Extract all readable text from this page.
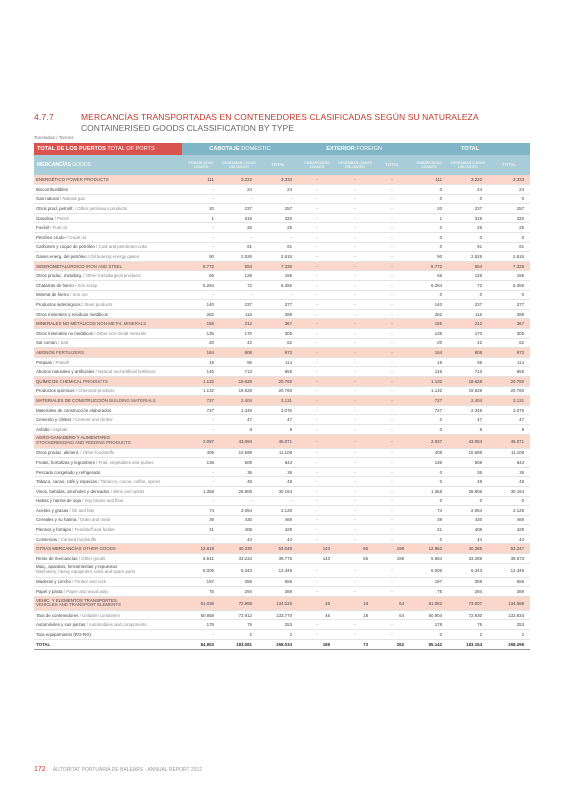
4.7.7	MERCANCÍAS TRANSPORTADAS EN CONTENEDORES CLASIFICADAS SEGÚN SU NATURALEZA
CONTAINERISED GOODS CLASSIFICATION BY TYPE
Toneladas / Tonnes
TOTAL DE LOS PUERTOS TOTAL OF PORTS	CABOTAJE DOMESTIC			EXTERIOR FOREIGN			TOTAL		
MERCANCÍAS GOODS	EMBARCADAS
LOADED	DESEMBAR-CADAS
UNLOADED	TOTAL	EMBARCADAS
LOADED	DESEMBAR-CADAS
UNLOADED	TOTAL	EMBARCADAS
LOADED	DESEMBAR-CADAS
UNLOADED	TOTAL
ENERGÉTICO POWER PRODUCTS	111	3.222	3.333	-	-	-	111	3.222	3.333
Biocombustibles	-	24	24	-	-	-	0	24	24
Gas natural / Natural gas	-	-	-	-	-	-	0	0	0
Otros prod. petrolif. / Other petroleum products	20	237	257	-	-	-	20	237	257
Gasolina / Petrol	1	319	320	-	-	-	1	319	320
Fueloil / Fuel oil	-	25	25	-	-	-	0	25	25
Petróleo crudo / Crude oil	-	-	-	-	-	-	0	0	0
Carbones y coque de petróleo / Coal and petroleum coke	-	91	91	-	-	-	0	91	91
Gases energ. del petróleo / Oil bearing energy gases	90	2.526	2.616	-	-	-	90	2.526	2.616
SIDEROMETALÚRGICO IRON AND STEEL	6.772	554	7.326	-	-	-	6.772	554	7.326
Otros produc. metalúrg. / Other metallurgical products	66	129	195	-	-	-	66	129	195
Chatarras de hierro / Iron scrap	6.284	72	6.356	-	-	-	6.284	72	6.356
Mineral de hierro / Iron ore	-	-	-	-	-	-	0	0	0
Productos siderúrgicos / Steel products	140	237	377	-	-	-	140	237	377
Otros minerales y residuos metálicos	282	116	399	-	-	-	282	116	399
MINERALES NO METÁLICOS NON-METAL MINERALS	155	212	367	-	-	-	155	212	367
Otros minerales no metálicos / Other non-metal minerals	135	170	305	-	-	-	135	170	305
Sal común / Salt	20	42	62	-	-	-	20	42	62
ABONOS FERTILIZERS	164	808	972	-	-	-	164	808	972
Potasas / Potash	19	95	114	-	-	-	19	95	114
Abonos naturales y artificiales / Natural and artificial fertilisers	145	713	858	-	-	-	145	713	858
QUÍMICOS CHEMICAL PRODUCTS	1.132	19.628	20.760	-	-	-	1.132	19.628	20.760
Productos químicos / Chemical products	1.132	19.628	20.760	-	-	-	1.132	19.628	20.760
MATERIALES DE CONSTRUCCIÓN BUILDING MATERIALS	727	2.404	3.131	-	-	-	727	2.404	3.131
Materiales de construcción elaborados	727	2.349	3.076	-	-	-	727	2.349	3.076
Cemento y clínker / Cement and clinker	-	47	47	-	-	-	0	47	47
Asfalto / Asphalt	-	8	8	-	-	-	0	8	8
AGRO-GANADERO Y ALIMENTARIO
STOCKBREEDING AND FEEDING PRODUCTS	2.097	43.094	45.071	-	-	-	2.037	43.094	45.071
Otros produc. aliment. / Other foodstuffs	409	10.699	11.108	-	-	-	409	10.699	11.108
Frutas, hortalizas y legumbres / Fruit, vegetables and pulses	136	508	644	-	-	-	136	508	644
Pescado congelado y refrigerado	-	36	36	-	-	-	0	36	36
Tabaco, cacao, café y especias / Tobacco, cocoa, coffee, spices	-	49	49	-	-	-	0	49	49
Vinos, bebidas, alcoholes y derivados / Wine and spirits	1.358	28.806	30.164	-	-	-	1.358	28.806	30.164
Habas y harina de soja / Soy beans and flour	-	-	-	-	-	-	0	0	0
Aceites y grasas / Oil and fats	74	2.054	2.128	-	-	-	74	2.054	2.128
Cereales y su harina / Grain and meal	39	430	469	-	-	-	39	430	469
Piensos y forrajes / Feedstuff and fodder	21	408	429	-	-	-	21	408	429
Conservas / Canned foodstuffs	-	44	44	-	-	-	0	44	44
OTRAS MERCANCÍAS OTHER GOODS	12.819	40.230	53.049	143	55	198	12.962	40.285	53.247
Resto de mercancías / Other goods	6.541	33.234	39.775	143	55	198	6.684	33.289	39.973
Maq., aparatos, herramientas y repuestos
Machinery, heavy equipment, tools and spare parts	6.006	6.343	12.349	-	-	-	6.006	6.343	12.349
Maderas y corcho / Timber and cork	197	359	556	-	-	-	197	359	556
Papel y pasta / Paper and wood pulp	75	294	369	-	-	-	75	294	369
VEHIC. Y ELEMENTOS TRANSPORTES.
VEHICLES AND TRANSPORT ELEMENTS	61.036	72.959	134.025	46	18	64	61.082	73.007	134.089
Tara de contenedores / Unladen containers	60.858	72.912	133.770	46	18	64	60.904	72.930	133.834
Automóviles y sus piezas / Automobiles and components	178	75	253	-	-	-	178	75	253
Tara equipamiento (RO-RO)	-	2	2	-	-	-	0	2	2
TOTAL	84.953	183.081	268.034	189	73	262	85.142	183.154	268.296
172 AUTORITAT PORTUÀRIA DE BALEARS · ANNUAL REPORT 2012
